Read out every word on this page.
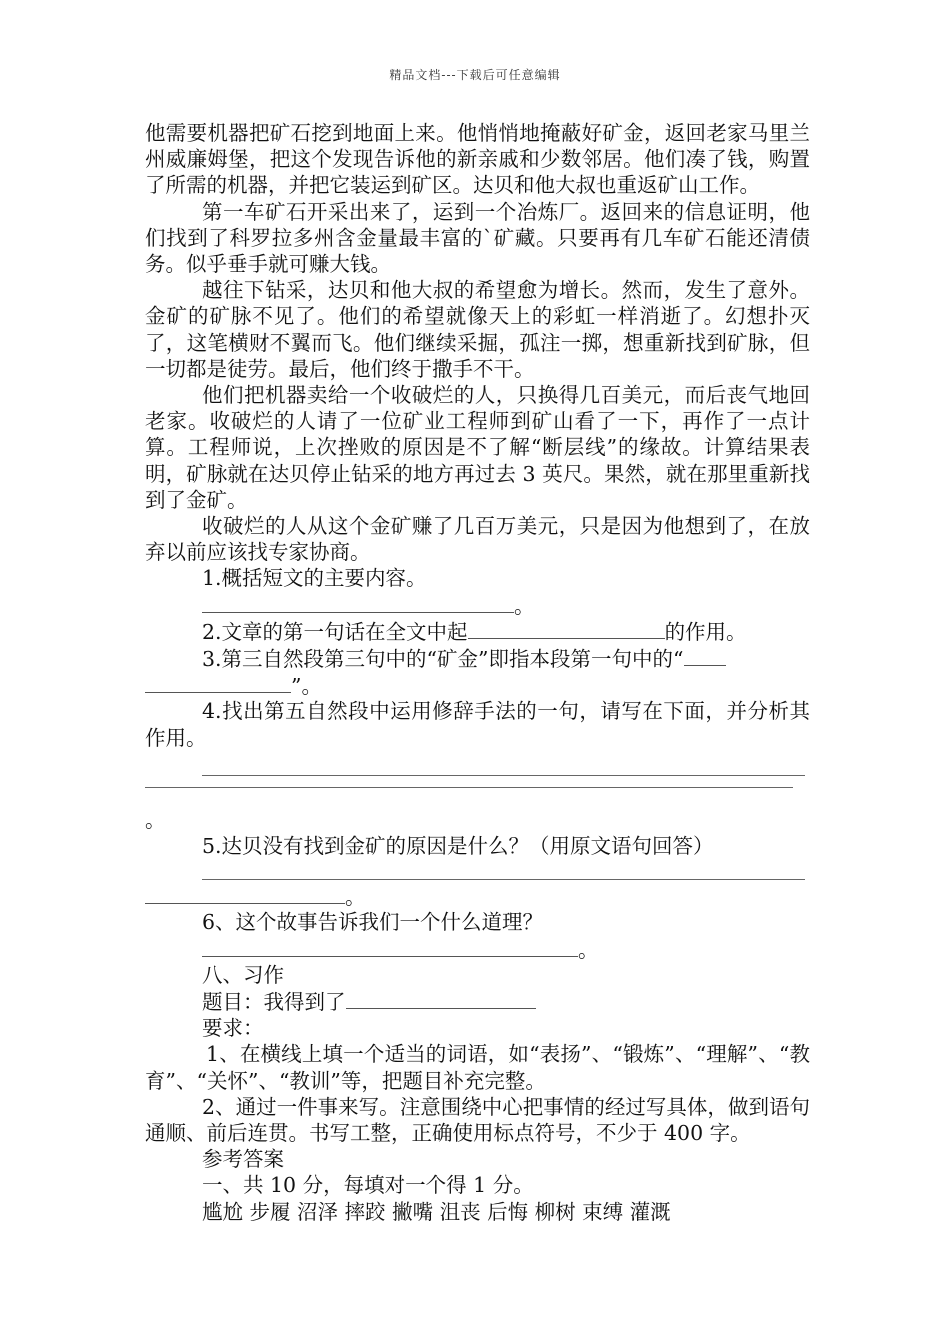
精品文档---下载后可任意编辑

他需要机器把矿石挖到地面上来。他悄悄地掩蔽好矿金，返回老家马里兰州威廉姆堡，把这个发现告诉他的新亲戚和少数邻居。他们凑了钱，购置了所需的机器，并把它装运到矿区。达贝和他大叔也重返矿山工作。

第一车矿石开采出来了，运到一个冶炼厂。返回来的信息证明，他们找到了科罗拉多州含金量最丰富的`矿藏。只要再有几车矿石能还清债务。似乎垂手就可赚大钱。

越往下钻采，达贝和他大叔的希望愈为增长。然而，发生了意外。金矿的矿脉不见了。他们的希望就像天上的彩虹一样消逝了。幻想扑灭了，这笔横财不翼而飞。他们继续采掘，孤注一掷，想重新找到矿脉，但一切都是徒劳。最后，他们终于撒手不干。

他们把机器卖给一个收破烂的人，只换得几百美元，而后丧气地回老家。收破烂的人请了一位矿业工程师到矿山看了一下，再作了一点计算。工程师说，上次挫败的原因是不了解“断层线”的缘故。计算结果表明，矿脉就在达贝停止钻采的地方再过去 3 英尺。果然，就在那里重新找到了金矿。

收破烂的人从这个金矿赚了几百万美元，只是因为他想到了，在放弃以前应该找专家协商。

1.概括短文的主要内容。

。

2.文章的第一句话在全文中起	的作用。

3.第三自然段第三句中的“矿金”即指本段第一句中的“

”。

4.找出第五自然段中运用修辞手法的一句，请写在下面，并分析其作用。

。

5.达贝没有找到金矿的原因是什么？（用原文语句回答）

。

6、这个故事告诉我们一个什么道理？

。

八、习作

题目：我得到了

要求：

1、在横线上填一个适当的词语，如“表扬”、“锻炼”、“理解”、“教育”、“关怀”、“教训”等，把题目补充完整。

2、通过一件事来写。注意围绕中心把事情的经过写具体，做到语句通顺、前后连贯。书写工整，正确使用标点符号，不少于 400 字。

参考答案

一、共 10 分，每填对一个得 1 分。

尴尬 步履 沼泽 摔跤 撇嘴 沮丧 后悔 柳树 束缚 灌溉
